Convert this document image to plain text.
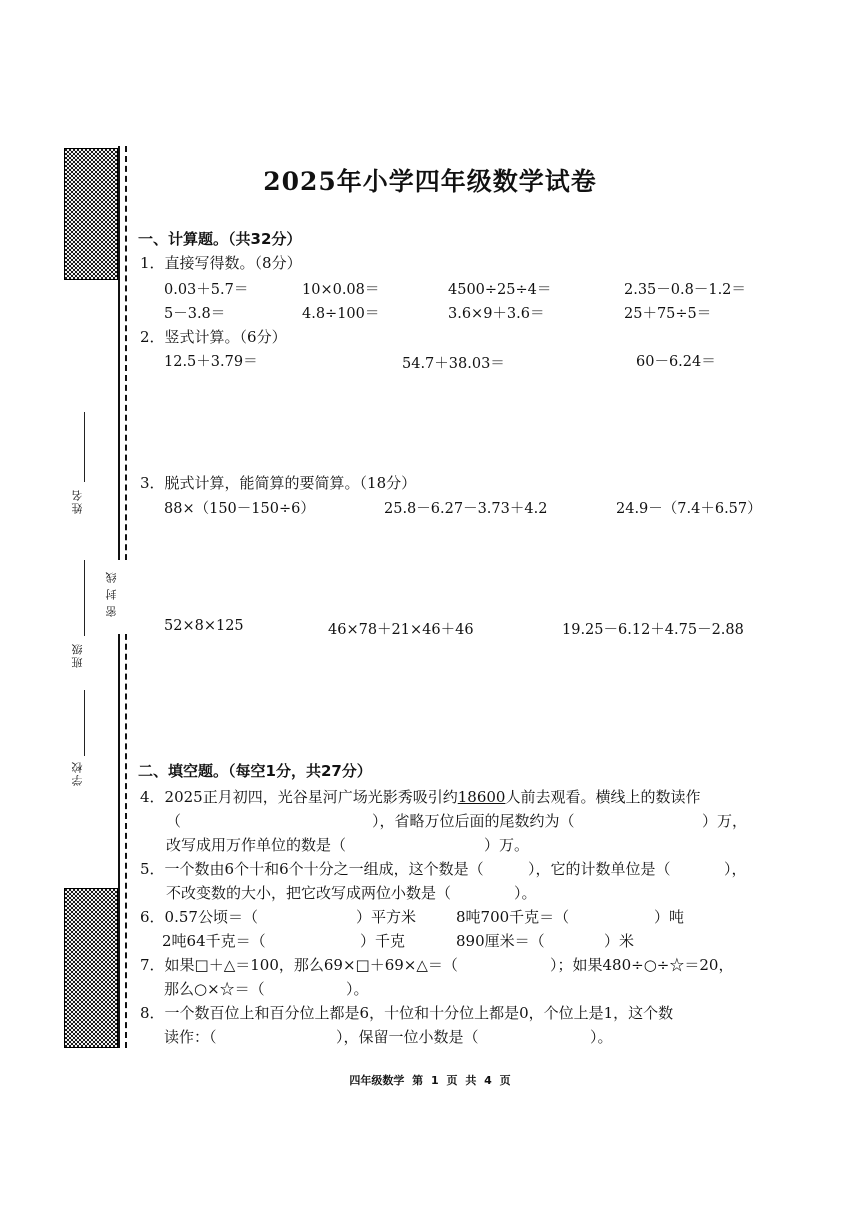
姓名
班级
学校
密封线
2025年小学四年级数学试卷
一、计算题。（共32分）
1．直接写得数。（8分）
0.03＋5.7＝	10×0.08＝	4500÷25÷4＝	2.35－0.8－1.2＝
5－3.8＝	4.8÷100＝	3.6×9＋3.6＝	25＋75÷5＝
2．竖式计算。（6分）
12.5＋3.79＝	54.7＋38.03＝	60－6.24＝
3．脱式计算，能简算的要简算。（18分）
88×（150－150÷6）	25.8－6.27－3.73＋4.2	24.9－（7.4＋6.57）
52×8×125	46×78＋21×46＋46	19.25－6.12＋4.75－2.88
二、填空题。（每空1分，共27分）
4．2025正月初四，光谷星河广场光影秀吸引约18600人前去观看。横线上的数读作
（	），省略万位后面的尾数约为（	）万，
改写成用万作单位的数是（	）万。
5．一个数由6个十和6个十分之一组成，这个数是（	），它的计数单位是（	），
不改变数的大小，把它改写成两位小数是（	）。
6．0.57公顷＝（	）平方米	8吨700千克＝（	）吨
2吨64千克＝（	）千克	890厘米＝（	）米
7．如果□＋△＝100，那么69×□＋69×△＝（	）；如果480÷○÷☆＝20，
那么○×☆＝（	）。
8．一个数百位上和百分位上都是6，十位和十分位上都是0，个位上是1，这个数
读作：（	），保留一位小数是（	）。
四年级数学 第 1 页 共 4 页
